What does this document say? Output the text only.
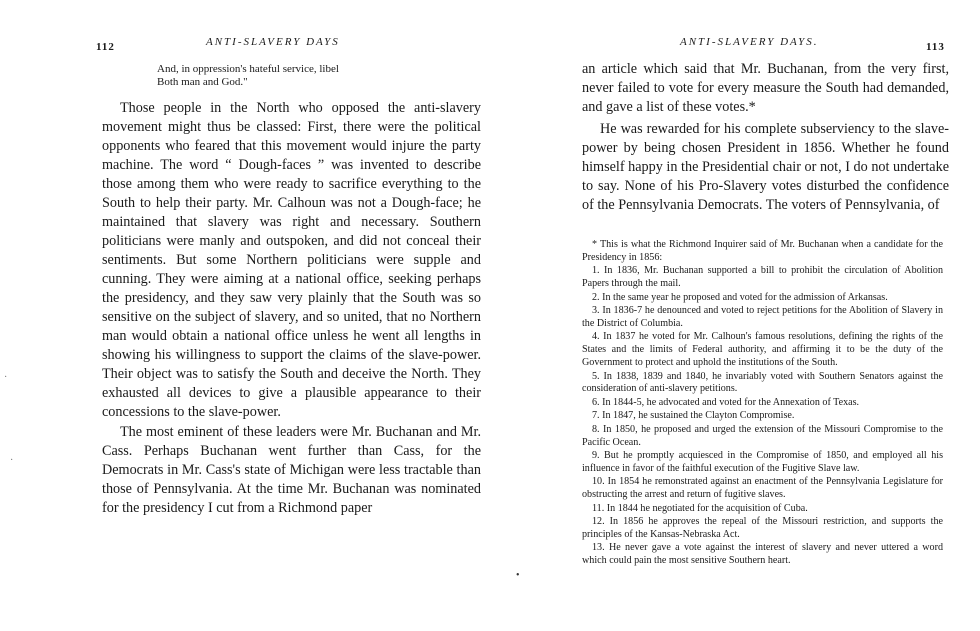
112	ANTI-SLAVERY DAYS
And, in oppression's hateful service, libel
Both man and God."

Those people in the North who opposed the anti-slavery movement might thus be classed: First, there were the political opponents who feared that this movement would injure the party machine. The word “ Dough-faces ” was invented to describe those among them who were ready to sacrifice everything to the South to help their party. Mr. Calhoun was not a Dough-face; he maintained that slavery was right and necessary. Southern politicians were manly and outspoken, and did not conceal their sentiments. But some Northern politicians were supple and cunning. They were aiming at a national office, seeking perhaps the presidency, and they saw very plainly that the South was so sensitive on the subject of slavery, and so united, that no Northern man would obtain a national office unless he went all lengths in showing his willingness to support the claims of the slave-power. Their object was to satisfy the South and deceive the North. They exhausted all devices to give a plausible appearance to their concessions to the slave-power.

The most eminent of these leaders were Mr. Buchanan and Mr. Cass. Perhaps Buchanan went further than Cass, for the Democrats in Mr. Cass's state of Michigan were less tractable than those of Pennsylvania. At the time Mr. Buchanan was nominated for the presidency I cut from a Richmond paper

·
·
•
ANTI-SLAVERY DAYS.	113

an article which said that Mr. Buchanan, from the very first, never failed to vote for every measure the South had demanded, and gave a list of these votes.*

He was rewarded for his complete subserviency to the slave-power by being chosen President in 1856. Whether he found himself happy in the Presidential chair or not, I do not undertake to say. None of his Pro-Slavery votes disturbed the confidence of the Pennsylvania Democrats. The voters of Pennsylvania, of

* This is what the Richmond Inquirer said of Mr. Buchanan when a candidate for the Presidency in 1856:

1. In 1836, Mr. Buchanan supported a bill to prohibit the circulation of Abolition Papers through the mail.

2. In the same year he proposed and voted for the admission of Arkansas.

3. In 1836-7 he denounced and voted to reject petitions for the Abolition of Slavery in the District of Columbia.

4. In 1837 he voted for Mr. Calhoun's famous resolutions, defining the rights of the States and the limits of Federal authority, and affirming it to be the duty of the Government to protect and uphold the institutions of the South.

5. In 1838, 1839 and 1840, he invariably voted with Southern Senators against the consideration of anti-slavery petitions.

6. In 1844-5, he advocated and voted for the Annexation of Texas.

7. In 1847, he sustained the Clayton Compromise.

8. In 1850, he proposed and urged the extension of the Missouri Compromise to the Pacific Ocean.

9. But he promptly acquiesced in the Compromise of 1850, and employed all his influence in favor of the faithful execution of the Fugitive Slave law.

10. In 1854 he remonstrated against an enactment of the Pennsylvania Legislature for obstructing the arrest and return of fugitive slaves.

11. In 1844 he negotiated for the acquisition of Cuba.

12. In 1856 he approves the repeal of the Missouri restriction, and supports the principles of the Kansas-Nebraska Act.

13. He never gave a vote against the interest of slavery and never uttered a word which could pain the most sensitive Southern heart.
